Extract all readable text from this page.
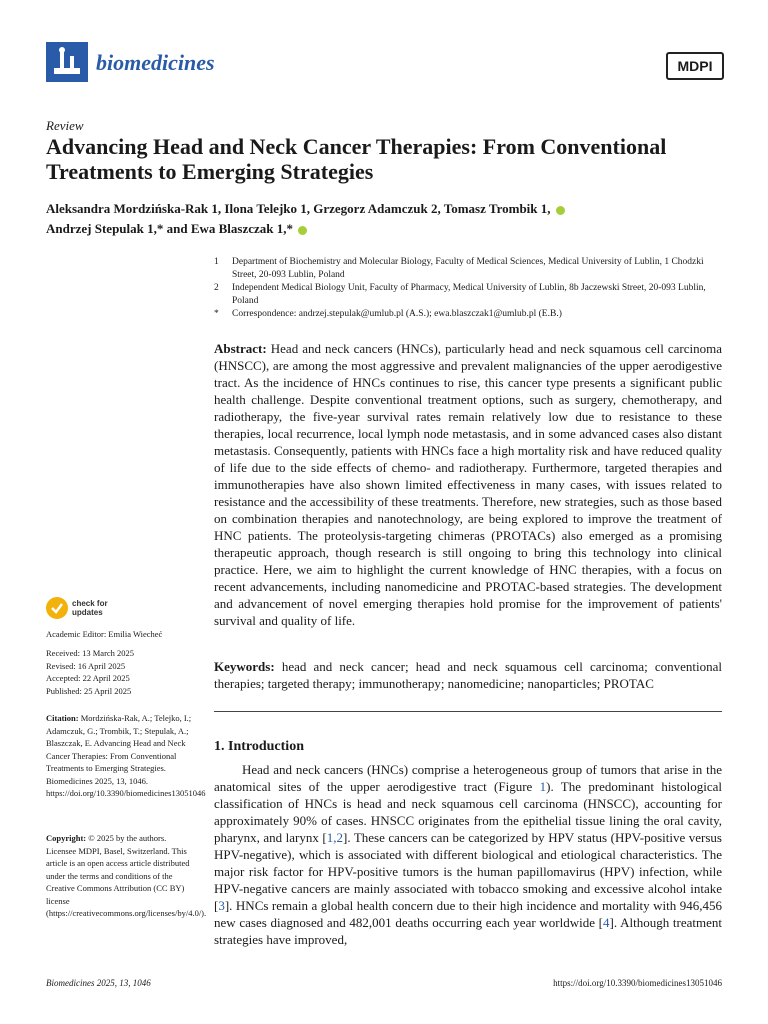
biomedicines	MDPI
Review
Advancing Head and Neck Cancer Therapies: From Conventional Treatments to Emerging Strategies
Aleksandra Mordzińska-Rak 1, Ilona Telejko 1, Grzegorz Adamczuk 2, Tomasz Trombik 1,
Andrzej Stepulak 1,* and Ewa Blaszczak 1,*

1	Department of Biochemistry and Molecular Biology, Faculty of Medical Sciences, Medical University of Lublin, 1 Chodzki Street, 20-093 Lublin, Poland

2	Independent Medical Biology Unit, Faculty of Pharmacy, Medical University of Lublin, 8b Jaczewski Street, 20-093 Lublin, Poland

*	Correspondence: andrzej.stepulak@umlub.pl (A.S.); ewa.blaszczak1@umlub.pl (E.B.)

Abstract: Head and neck cancers (HNCs), particularly head and neck squamous cell carcinoma (HNSCC), are among the most aggressive and prevalent malignancies of the upper aerodigestive tract. As the incidence of HNCs continues to rise, this cancer type presents a significant public health challenge. Despite conventional treatment options, such as surgery, chemotherapy, and radiotherapy, the five-year survival rates remain relatively low due to resistance to these therapies, local recurrence, local lymph node metastasis, and in some advanced cases also distant metastasis. Consequently, patients with HNCs face a high mortality risk and have reduced quality of life due to the side effects of chemo- and radiotherapy. Furthermore, targeted therapies and immunotherapies have also shown limited effectiveness in many cases, with issues related to resistance and the accessibility of these treatments. Therefore, new strategies, such as those based on combination therapies and nanotechnology, are being explored to improve the treatment of HNC patients. The proteolysis-targeting chimeras (PROTACs) also emerged as a promising therapeutic approach, though research is still ongoing to bring this technology into clinical practice. Here, we aim to highlight the current knowledge of HNC therapies, with a focus on recent advancements, including nanomedicine and PROTAC-based strategies. The development and advancement of novel emerging therapies hold promise for the improvement of patients' survival and quality of life.

Keywords: head and neck cancer; head and neck squamous cell carcinoma; conventional therapies; targeted therapy; immunotherapy; nanomedicine; nanoparticles; PROTAC

1. Introduction

Head and neck cancers (HNCs) comprise a heterogeneous group of tumors that arise in the anatomical sites of the upper aerodigestive tract (Figure 1). The predominant histological classification of HNCs is head and neck squamous cell carcinoma (HNSCC), accounting for approximately 90% of cases. HNSCC originates from the epithelial tissue lining the oral cavity, pharynx, and larynx [1,2]. These cancers can be categorized by HPV status (HPV-positive versus HPV-negative), which is associated with different biological and etiological characteristics. The major risk factor for HPV-positive tumors is the human papillomavirus (HPV) infection, while HPV-negative cancers are mainly associated with tobacco smoking and excessive alcohol intake [3]. HNCs remain a global health concern due to their high incidence and mortality with 946,456 new cases diagnosed and 482,001 deaths occurring each year worldwide [4]. Although treatment strategies have improved,

check for
updates
Academic Editor: Emilia Wiecheć
Received: 13 March 2025
Revised: 16 April 2025
Accepted: 22 April 2025
Published: 25 April 2025

Citation: Mordzińska-Rak, A.; Telejko, I.; Adamczuk, G.; Trombik, T.; Stepulak, A.; Blaszczak, E. Advancing Head and Neck Cancer Therapies: From Conventional Treatments to Emerging Strategies. Biomedicines 2025, 13, 1046. https://doi.org/10.3390/biomedicines13051046

Copyright: © 2025 by the authors. Licensee MDPI, Basel, Switzerland. This article is an open access article distributed under the terms and conditions of the Creative Commons Attribution (CC BY) license (https://creativecommons.org/licenses/by/4.0/).

Biomedicines 2025, 13, 1046	https://doi.org/10.3390/biomedicines13051046
